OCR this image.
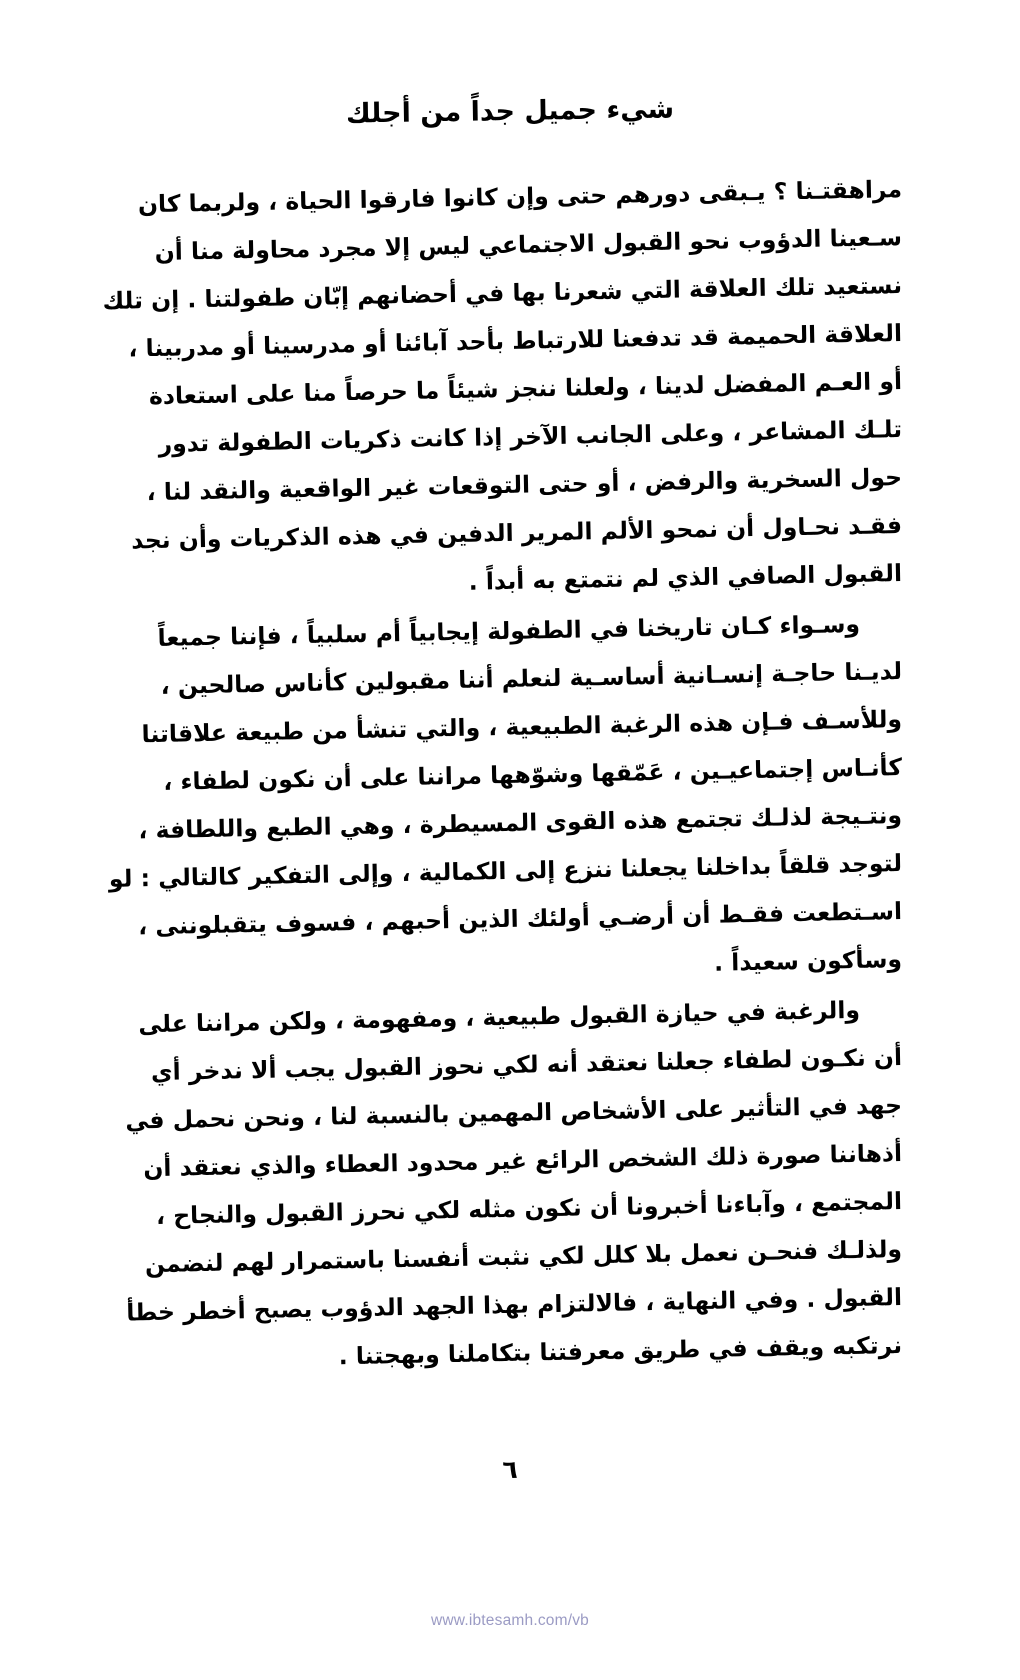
شيء جميل جداً من أجلك
مراهقتـنا ؟ يـبقى دورهم حتى وإن كانوا فارقوا الحياة ، ولربما كان
سـعينا الدؤوب نحو القبول الاجتماعي ليس إلا مجرد محاولة منا أن
نستعيد تلك العلاقة التي شعرنا بها في أحضانهم إبّان طفولتنا . إن تلك
العلاقة الحميمة قد تدفعنا للارتباط بأحد آبائنا أو مدرسينا أو مدربينا ،
أو العـم المفضل لدينا ، ولعلنا ننجز شيئاً ما حرصاً منا على استعادة
تلـك المشاعر ، وعلى الجانب الآخر إذا كانت ذكريات الطفولة تدور
حول السخرية والرفض ، أو حتى التوقعات غير الواقعية والنقد لنا ،
فقـد نحـاول أن نمحو الألم المرير الدفين في هذه الذكريات وأن نجد
القبول الصافي الذي لم نتمتع به أبداً .
وسـواء كـان تاريخنا في الطفولة إيجابياً أم سلبياً ، فإننا جميعاً
لديـنا حاجـة إنسـانية أساسـية لنعلم أننا مقبولين كأناس صالحين ،
وللأسـف فـإن هذه الرغبة الطبيعية ، والتي تنشأ من طبيعة علاقاتنا
كأنـاس إجتماعيـين ، عَمّقها وشوّهها مراننا على أن نكون لطفاء ،
ونتـيجة لذلـك تجتمع هذه القوى المسيطرة ، وهي الطبع واللطافة ،
لتوجد قلقاً بداخلنا يجعلنا ننزع إلى الكمالية ، وإلى التفكير كالتالي : لو
اسـتطعت فقـط أن أرضـي أولئك الذين أحبهم ، فسوف يتقبلوننى ،
وسأكون سعيداً .
والرغبة في حيازة القبول طبيعية ، ومفهومة ، ولكن مراننا على
أن نكـون لطفاء جعلنا نعتقد أنه لكي نحوز القبول يجب ألا ندخر أي
جهد في التأثير على الأشخاص المهمين بالنسبة لنا ، ونحن نحمل في
أذهاننا صورة ذلك الشخص الرائع غير محدود العطاء والذي نعتقد أن
المجتمع ، وآباءنا أخبرونا أن نكون مثله لكي نحرز القبول والنجاح ،
ولذلـك فنحـن نعمل بلا كلل لكي نثبت أنفسنا باستمرار لهم لنضمن
القبول . وفي النهاية ، فالالتزام بهذا الجهد الدؤوب يصبح أخطر خطأ
نرتكبه ويقف في طريق معرفتنا بتكاملنا وبهجتنا .
٦
www.ibtesamh.com/vb
